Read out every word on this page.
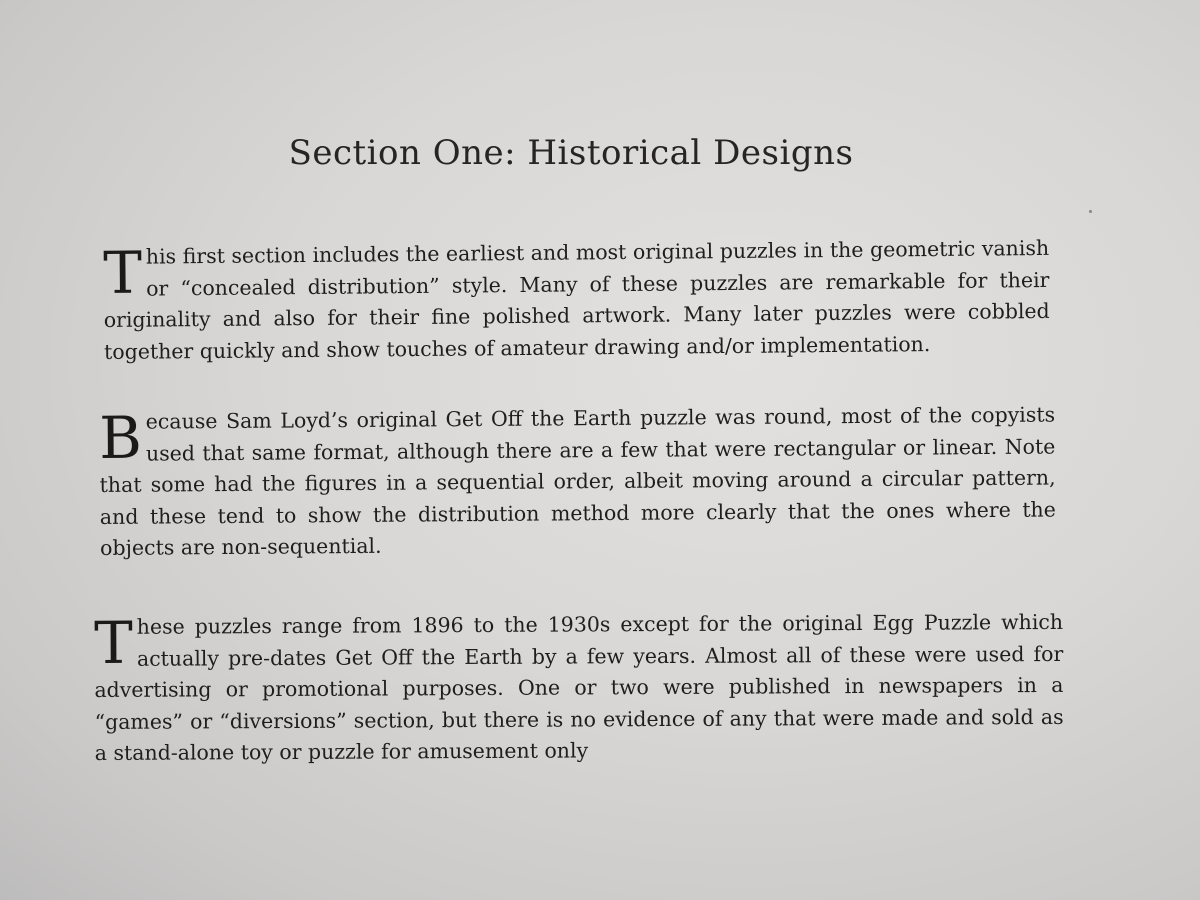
Section One: Historical Designs

This first section includes the earliest and most original puzzles in the geometric vanish or “concealed distribution” style. Many of these puzzles are remarkable for their originality and also for their fine polished artwork. Many later puzzles were cobbled together quickly and show touches of amateur drawing and/or implementation.

Because Sam Loyd’s original Get Off the Earth puzzle was round, most of the copyists used that same format, although there are a few that were rectangular or linear. Note that some had the figures in a sequential order, albeit moving around a circular pattern, and these tend to show the distribution method more clearly that the ones where the objects are non-sequential.

These puzzles range from 1896 to the 1930s except for the original Egg Puzzle which actually pre-dates Get Off the Earth by a few years. Almost all of these were used for advertising or promotional purposes. One or two were published in newspapers in a “games” or “diversions” section, but there is no evidence of any that were made and sold as a stand-alone toy or puzzle for amusement only
